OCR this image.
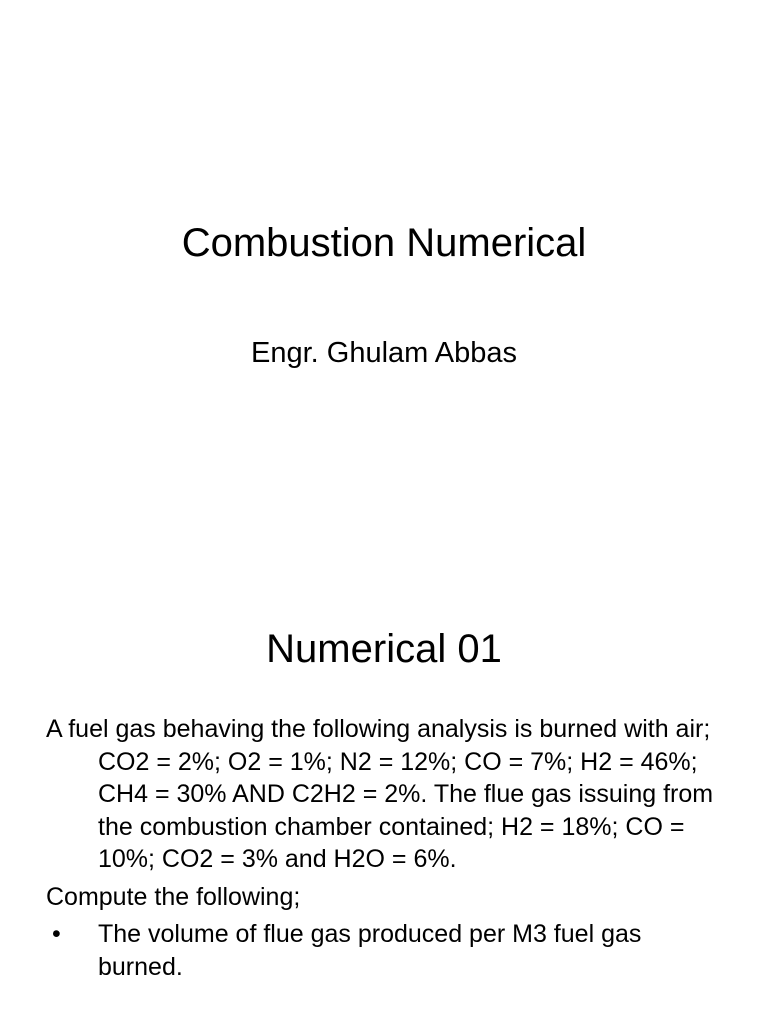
Combustion Numerical
Engr. Ghulam Abbas
Numerical 01

A fuel gas behaving the following analysis is burned with air; CO2 = 2%; O2 = 1%; N2 = 12%; CO = 7%; H2 = 46%; CH4 = 30% AND C2H2 = 2%. The flue gas issuing from the combustion chamber contained; H2 = 18%; CO = 10%; CO2 = 3% and H2O = 6%.

Compute the following;

•	The volume of flue gas produced per M3 fuel gas burned.
